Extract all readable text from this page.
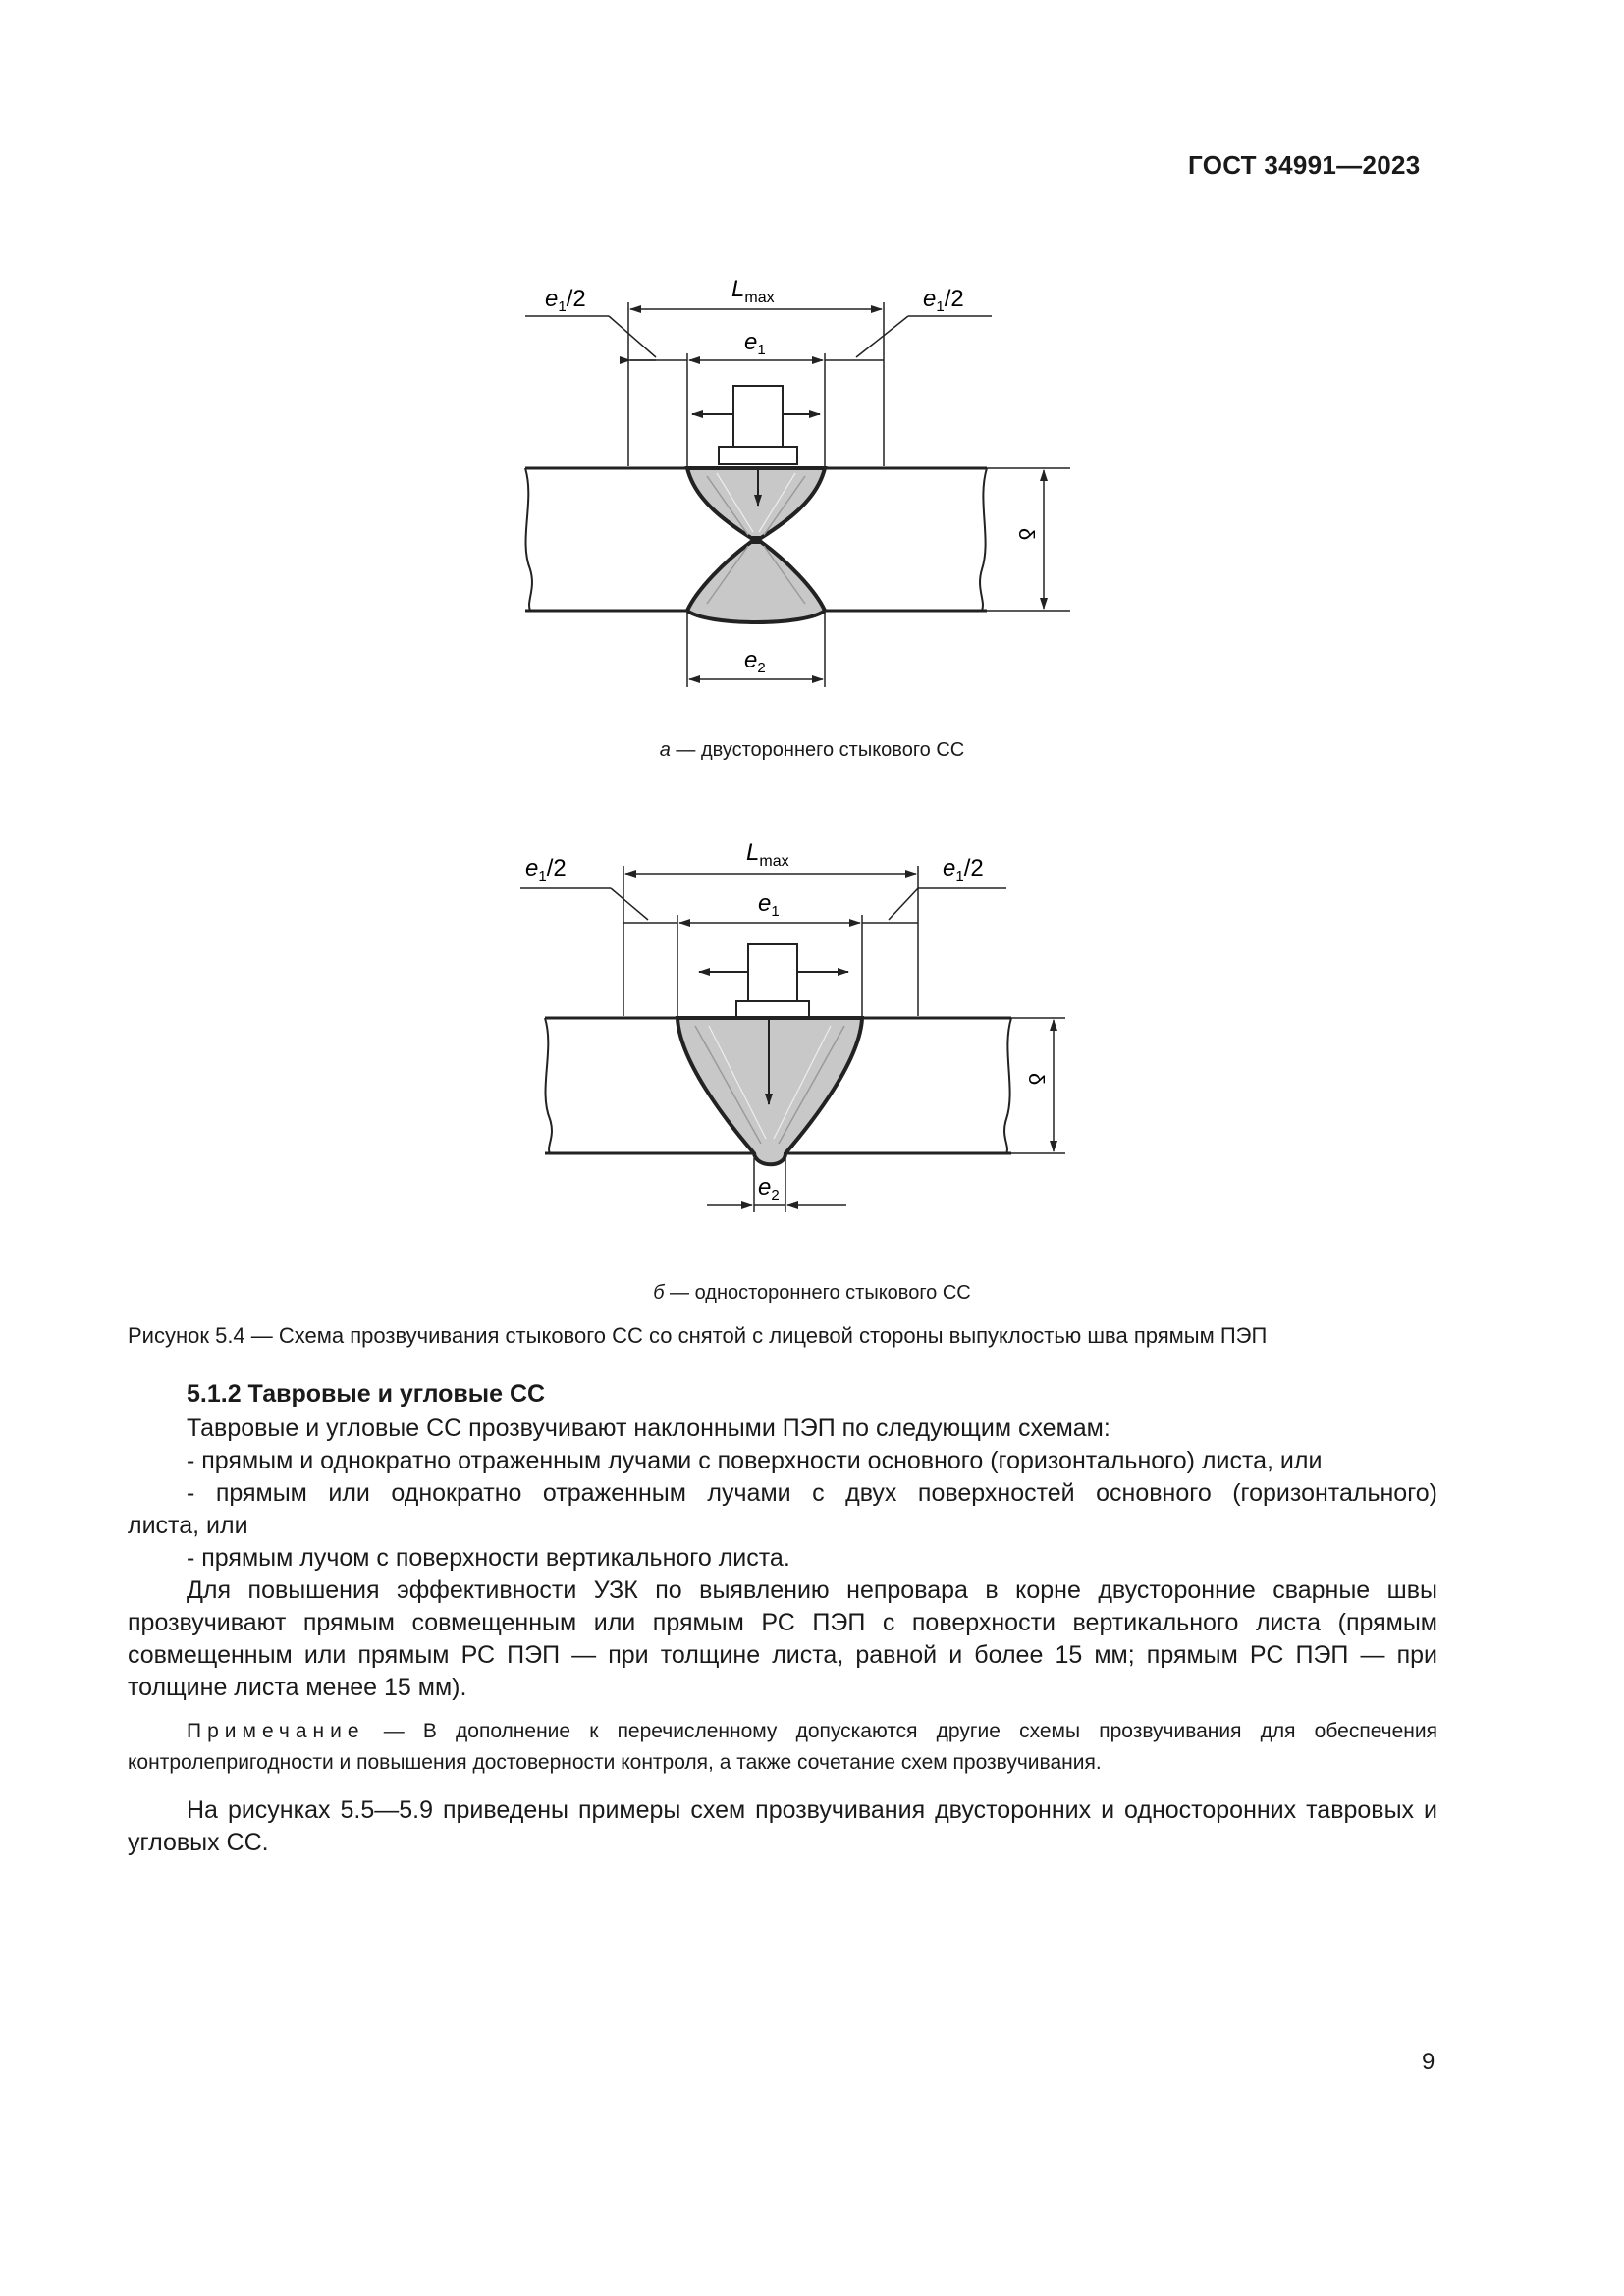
ГОСТ 34991—2023
$e_1/2$	$e_1/2$
$L_{max}$
$e_1$
$e_2$
δ
а — двустороннего стыкового СС
$e_1/2$	$e_1/2$
$L_{max}$
$e_1$
$e_2$
δ
б — одностороннего стыкового СС
Рисунок 5.4 — Схема прозвучивания стыкового СС со снятой с лицевой стороны выпуклостью шва прямым ПЭП
5.1.2 Тавровые и угловые СС
Тавровые и угловые СС прозвучивают наклонными ПЭП по следующим схемам:
- прямым и однократно отраженным лучами с поверхности основного (горизонтального) листа, или
- прямым или однократно отраженным лучами с двух поверхностей основного (горизонтального)
листа, или
- прямым лучом с поверхности вертикального листа.
Для повышения эффективности УЗК по выявлению непровара в корне двусторонние сварные швы прозвучивают прямым совмещенным или прямым РС ПЭП с поверхности вертикального листа (прямым совмещенным или прямым РС ПЭП — при толщине листа, равной и более 15 мм; прямым РС ПЭП — при толщине листа менее 15 мм).
Примечание — В дополнение к перечисленному допускаются другие схемы прозвучивания для обеспечения контролепригодности и повышения достоверности контроля, а также сочетание схем прозвучивания.
На рисунках 5.5—5.9 приведены примеры схем прозвучивания двусторонних и односторонних тавровых и угловых СС.
9
